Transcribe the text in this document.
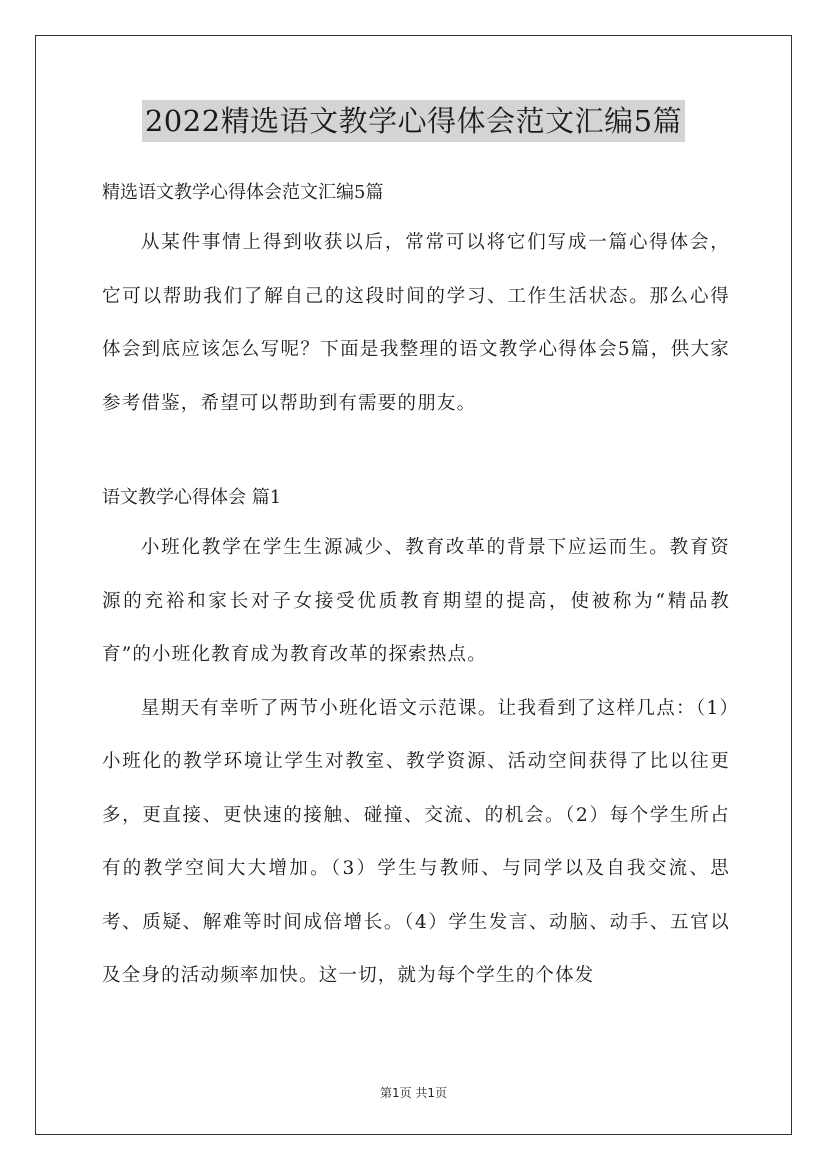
2022精选语文教学心得体会范文汇编5篇

精选语文教学心得体会范文汇编5篇

从某件事情上得到收获以后，常常可以将它们写成一篇心得体会，它可以帮助我们了解自己的这段时间的学习、工作生活状态。那么心得体会到底应该怎么写呢？下面是我整理的语文教学心得体会5篇，供大家参考借鉴，希望可以帮助到有需要的朋友。

语文教学心得体会 篇1

小班化教学在学生生源减少、教育改革的背景下应运而生。教育资源的充裕和家长对子女接受优质教育期望的提高，使被称为“精品教育”的小班化教育成为教育改革的探索热点。

星期天有幸听了两节小班化语文示范课。让我看到了这样几点：（1）小班化的教学环境让学生对教室、教学资源、活动空间获得了比以往更多，更直接、更快速的接触、碰撞、交流、的机会。（2）每个学生所占有的教学空间大大增加。（3）学生与教师、与同学以及自我交流、思考、质疑、解难等时间成倍增长。（4）学生发言、动脑、动手、五官以及全身的活动频率加快。这一切，就为每个学生的个体发

第1页 共1页
